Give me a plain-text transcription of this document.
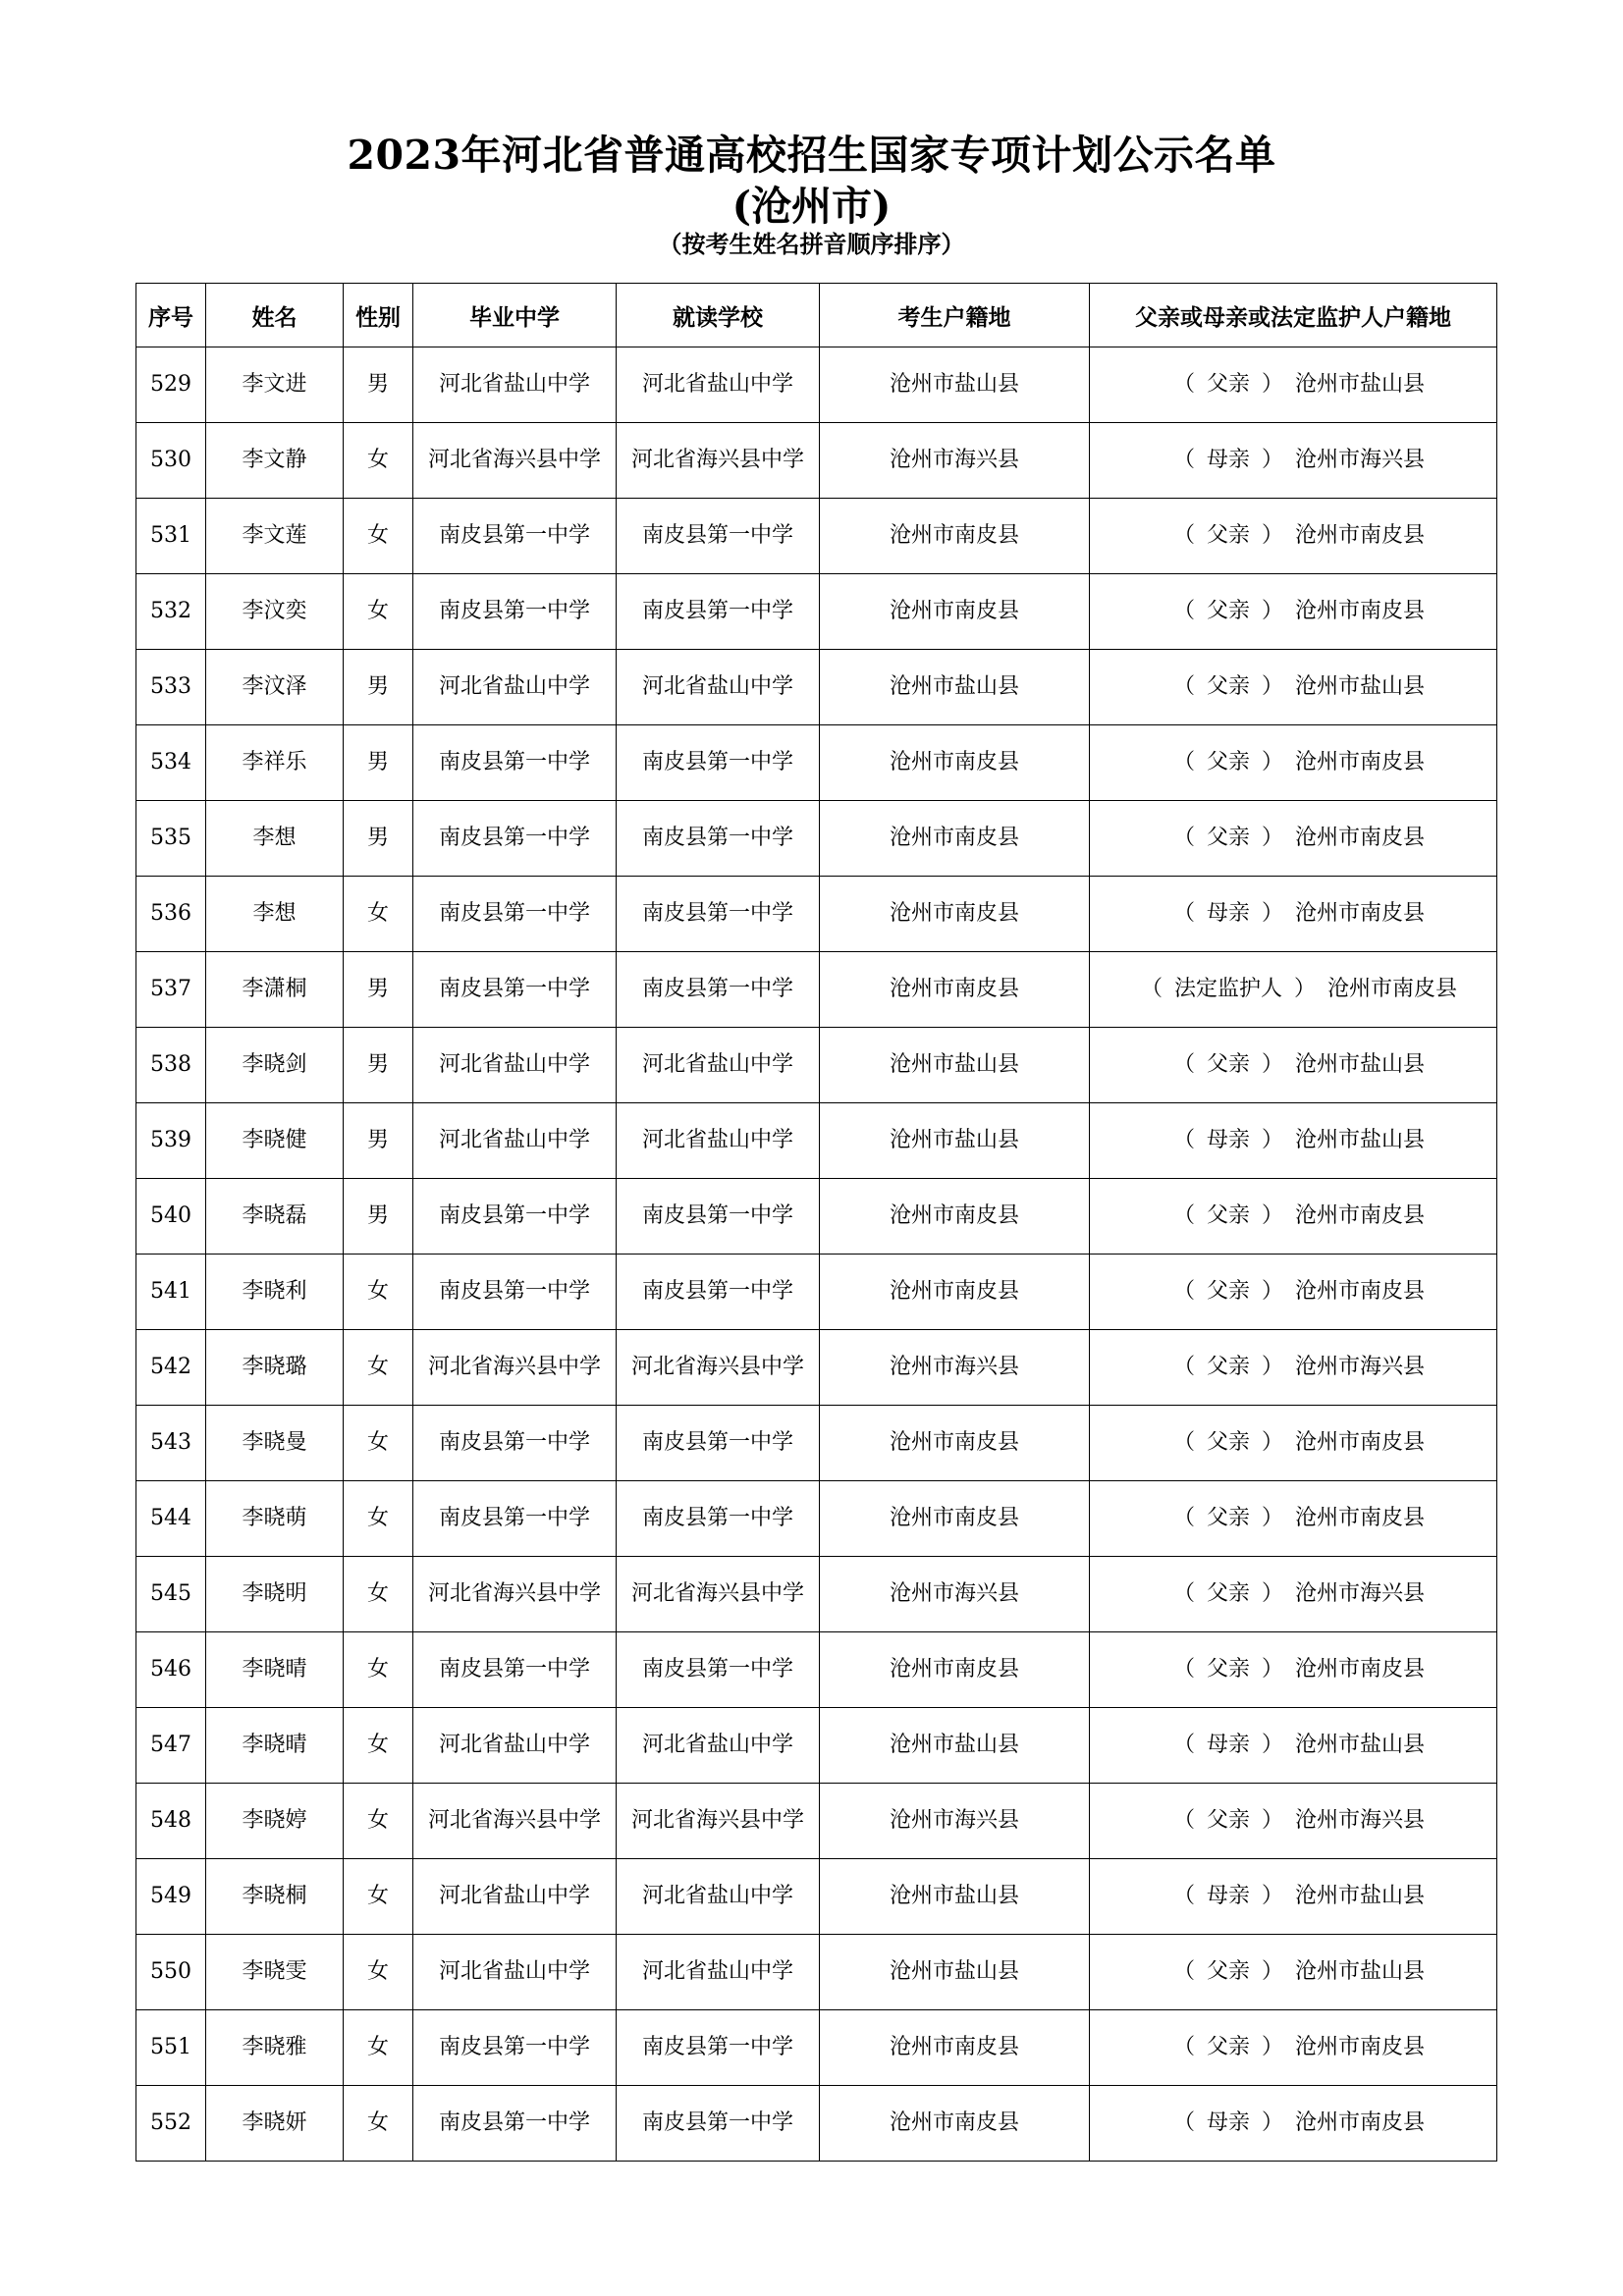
2023年河北省普通高校招生国家专项计划公示名单
(沧州市)
（按考生姓名拼音顺序排序）
序号	姓名	性别	毕业中学	就读学校	考生户籍地	父亲或母亲或法定监护人户籍地
529	李文进	男	河北省盐山中学	河北省盐山中学	沧州市盐山县	（ 父亲 ） 沧州市盐山县
530	李文静	女	河北省海兴县中学	河北省海兴县中学	沧州市海兴县	（ 母亲 ） 沧州市海兴县
531	李文莲	女	南皮县第一中学	南皮县第一中学	沧州市南皮县	（ 父亲 ） 沧州市南皮县
532	李汶奕	女	南皮县第一中学	南皮县第一中学	沧州市南皮县	（ 父亲 ） 沧州市南皮县
533	李汶泽	男	河北省盐山中学	河北省盐山中学	沧州市盐山县	（ 父亲 ） 沧州市盐山县
534	李祥乐	男	南皮县第一中学	南皮县第一中学	沧州市南皮县	（ 父亲 ） 沧州市南皮县
535	李想	男	南皮县第一中学	南皮县第一中学	沧州市南皮县	（ 父亲 ） 沧州市南皮县
536	李想	女	南皮县第一中学	南皮县第一中学	沧州市南皮县	（ 母亲 ） 沧州市南皮县
537	李潇桐	男	南皮县第一中学	南皮县第一中学	沧州市南皮县	（ 法定监护人 ） 沧州市南皮县
538	李晓剑	男	河北省盐山中学	河北省盐山中学	沧州市盐山县	（ 父亲 ） 沧州市盐山县
539	李晓健	男	河北省盐山中学	河北省盐山中学	沧州市盐山县	（ 母亲 ） 沧州市盐山县
540	李晓磊	男	南皮县第一中学	南皮县第一中学	沧州市南皮县	（ 父亲 ） 沧州市南皮县
541	李晓利	女	南皮县第一中学	南皮县第一中学	沧州市南皮县	（ 父亲 ） 沧州市南皮县
542	李晓璐	女	河北省海兴县中学	河北省海兴县中学	沧州市海兴县	（ 父亲 ） 沧州市海兴县
543	李晓曼	女	南皮县第一中学	南皮县第一中学	沧州市南皮县	（ 父亲 ） 沧州市南皮县
544	李晓萌	女	南皮县第一中学	南皮县第一中学	沧州市南皮县	（ 父亲 ） 沧州市南皮县
545	李晓明	女	河北省海兴县中学	河北省海兴县中学	沧州市海兴县	（ 父亲 ） 沧州市海兴县
546	李晓晴	女	南皮县第一中学	南皮县第一中学	沧州市南皮县	（ 父亲 ） 沧州市南皮县
547	李晓晴	女	河北省盐山中学	河北省盐山中学	沧州市盐山县	（ 母亲 ） 沧州市盐山县
548	李晓婷	女	河北省海兴县中学	河北省海兴县中学	沧州市海兴县	（ 父亲 ） 沧州市海兴县
549	李晓桐	女	河北省盐山中学	河北省盐山中学	沧州市盐山县	（ 母亲 ） 沧州市盐山县
550	李晓雯	女	河北省盐山中学	河北省盐山中学	沧州市盐山县	（ 父亲 ） 沧州市盐山县
551	李晓雅	女	南皮县第一中学	南皮县第一中学	沧州市南皮县	（ 父亲 ） 沧州市南皮县
552	李晓妍	女	南皮县第一中学	南皮县第一中学	沧州市南皮县	（ 母亲 ） 沧州市南皮县
